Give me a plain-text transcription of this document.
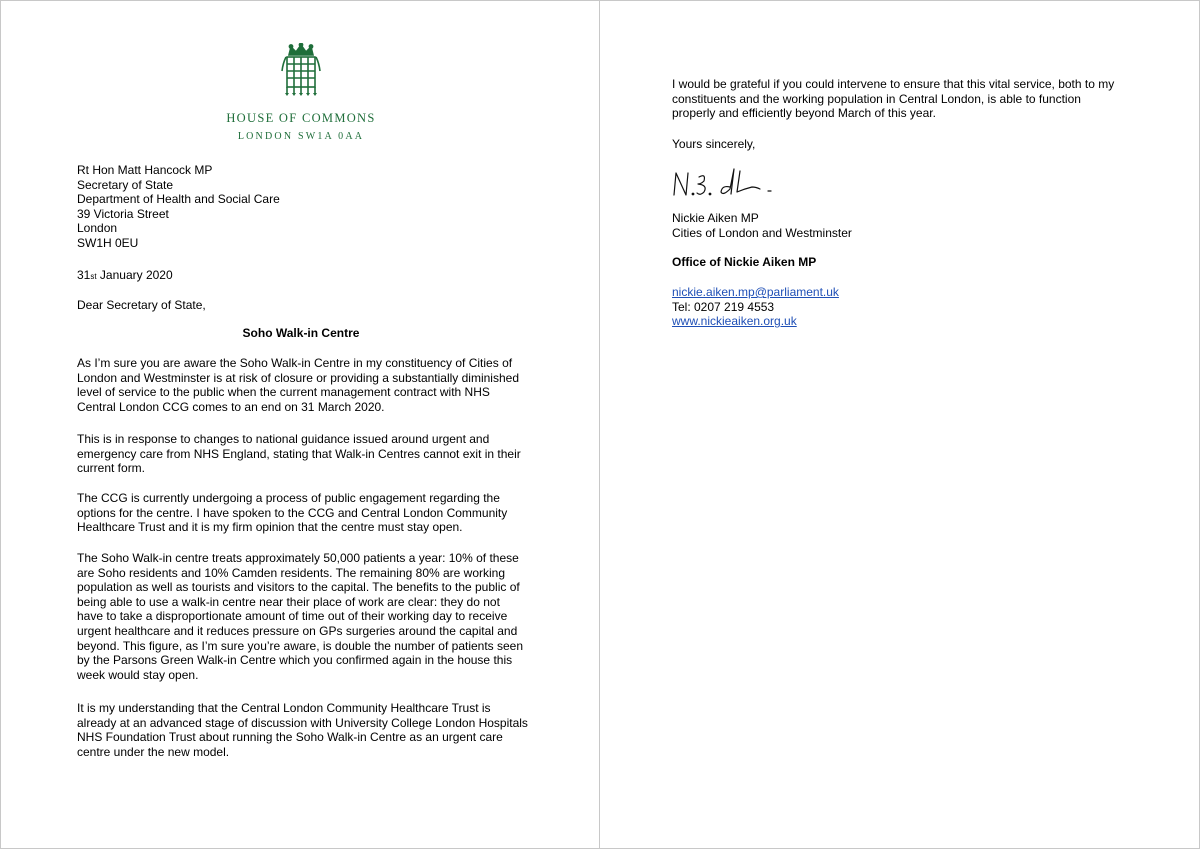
HOUSE OF COMMONS
LONDON SW1A 0AA
Rt Hon Matt Hancock MP
Secretary of State
Department of Health and Social Care
39 Victoria Street
London
SW1H 0EU
31st January 2020
Dear Secretary of State,
Soho Walk-in Centre
As I’m sure you are aware the Soho Walk-in Centre in my constituency of Cities of
London and Westminster is at risk of closure or providing a substantially diminished
level of service to the public when the current management contract with NHS
Central London CCG comes to an end on 31 March 2020.
This is in response to changes to national guidance issued around urgent and
emergency care from NHS England, stating that Walk-in Centres cannot exit in their
current form.
The CCG is currently undergoing a process of public engagement regarding the
options for the centre. I have spoken to the CCG and Central London Community
Healthcare Trust and it is my firm opinion that the centre must stay open.
The Soho Walk-in centre treats approximately 50,000 patients a year: 10% of these
are Soho residents and 10% Camden residents. The remaining 80% are working
population as well as tourists and visitors to the capital. The benefits to the public of
being able to use a walk-in centre near their place of work are clear: they do not
have to take a disproportionate amount of time out of their working day to receive
urgent healthcare and it reduces pressure on GPs surgeries around the capital and
beyond. This figure, as I’m sure you’re aware, is double the number of patients seen
by the Parsons Green Walk-in Centre which you confirmed again in the house this
week would stay open.
It is my understanding that the Central London Community Healthcare Trust is
already at an advanced stage of discussion with University College London Hospitals
NHS Foundation Trust about running the Soho Walk-in Centre as an urgent care
centre under the new model.
I would be grateful if you could intervene to ensure that this vital service, both to my
constituents and the working population in Central London, is able to function
properly and efficiently beyond March of this year.
Yours sincerely,
Nickie Aiken MP
Cities of London and Westminster
Office of Nickie Aiken MP
nickie.aiken.mp@parliament.uk
Tel: 0207 219 4553
www.nickieaiken.org.uk
